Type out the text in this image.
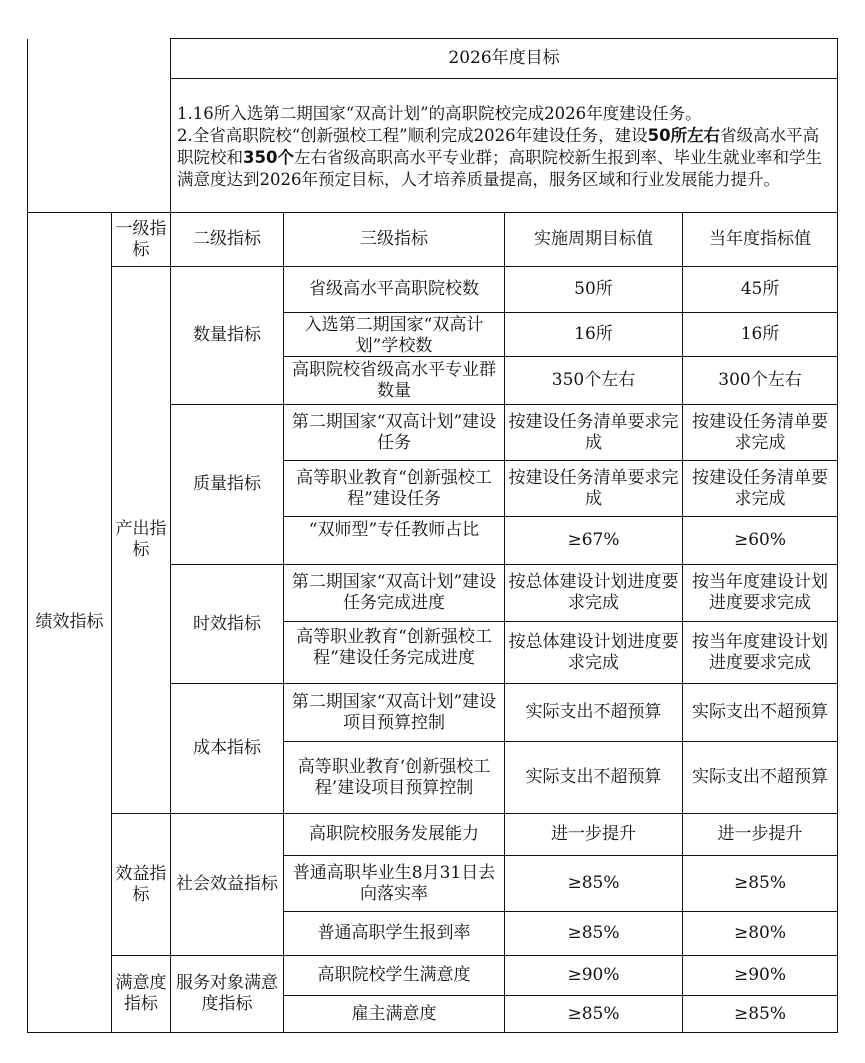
		2026年度目标			

		1.16所入选第二期国家“双高计划”的高职院校完成2026年度建设任务。
2.全省高职院校“创新强校工程”顺利完成2026年建设任务，建设50所左右省级高水平高职院校和350个左右省级高职高水平专业群；高职院校新生报到率、毕业生就业率和学生满意度达到2026年预定目标，人才培养质量提高，服务区域和行业发展能力提升。			

绩效指标	一级指标	二级指标	三级指标	实施周期目标值	当年度指标值
	产出指标	数量指标	省级高水平高职院校数	50所	45所

			入选第二期国家“双高计划”学校数	16所	16所

			高职院校省级高水平专业群数量	350个左右	300个左右
		质量指标	第二期国家“双高计划”建设任务	按建设任务清单要求完成	按建设任务清单要求完成
			高等职业教育“创新强校工程”建设任务	按建设任务清单要求完成	按建设任务清单要求完成

			“双师型”专任教师占比	≥67%	≥60%
		时效指标	第二期国家“双高计划”建设任务完成进度	按总体建设计划进度要求完成	按当年度建设计划进度要求完成

			高等职业教育“创新强校工程”建设任务完成进度	按总体建设计划进度要求完成	按当年度建设计划进度要求完成
		成本指标	第二期国家“双高计划”建设项目预算控制	实际支出不超预算	实际支出不超预算
			高等职业教育‘创新强校工程’建设项目预算控制	实际支出不超预算	实际支出不超预算
	效益指标	社会效益指标	高职院校服务发展能力	进一步提升	进一步提升
			普通高职毕业生8月31日去向落实率	≥85%	≥85%
			普通高职学生报到率	≥85%	≥80%
	满意度指标	服务对象满意度指标	高职院校学生满意度	≥90%	≥90%
			雇主满意度	≥85%	≥85%
